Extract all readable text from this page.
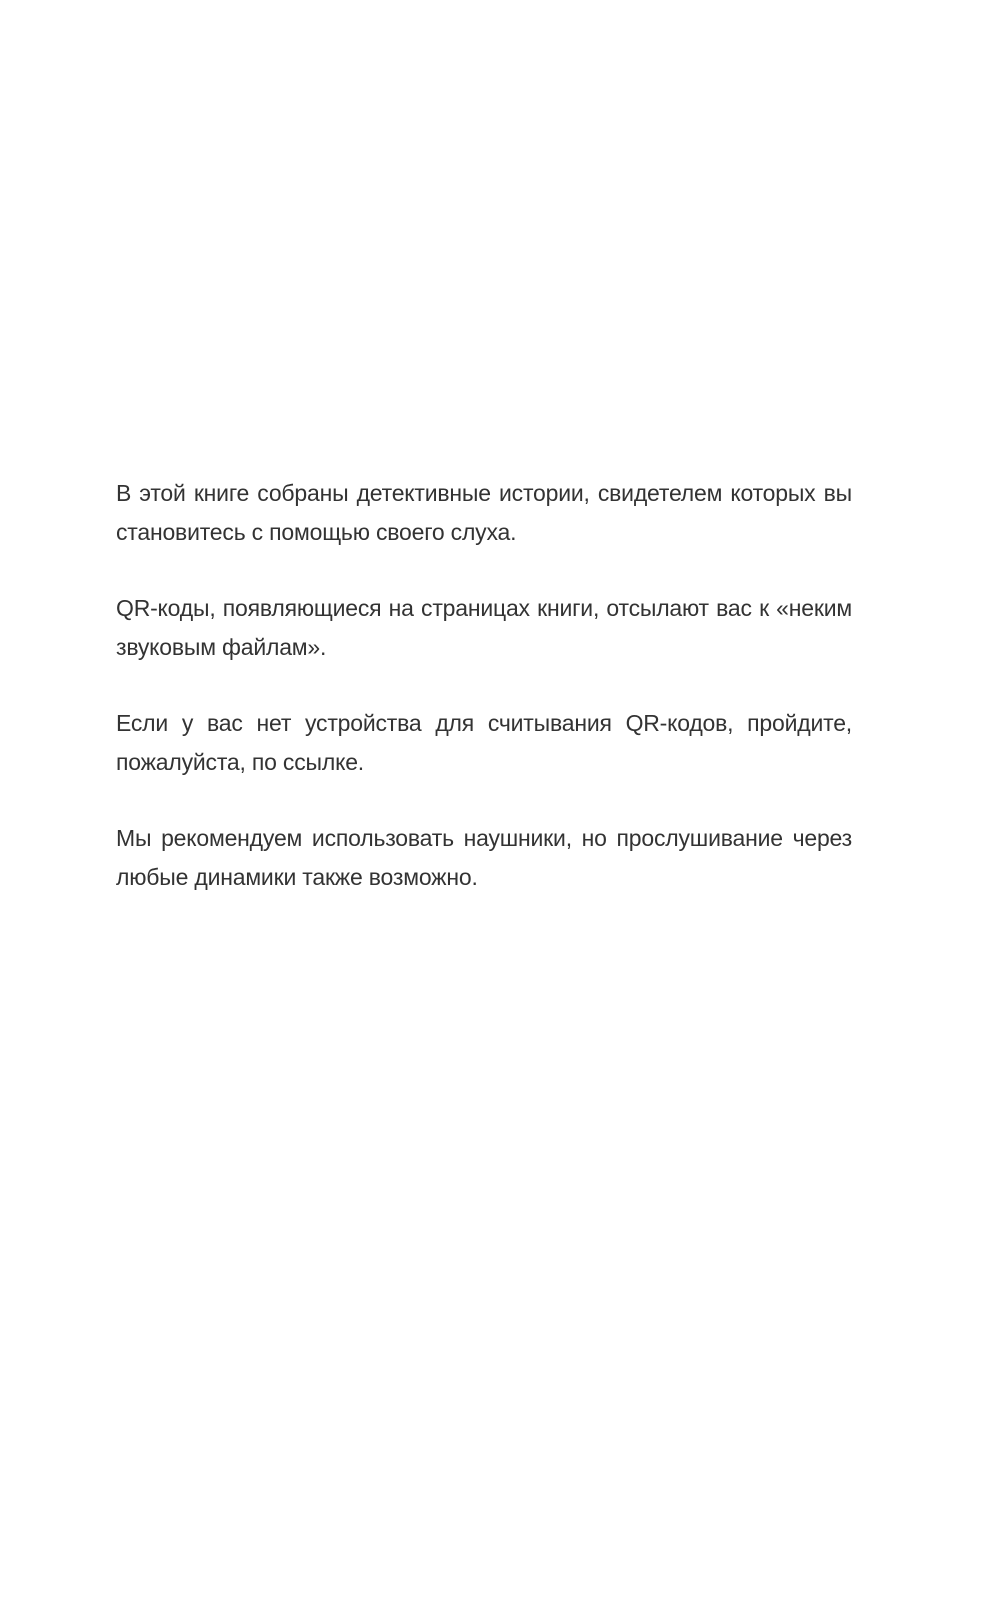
В этой книге собраны детективные истории, свидетелем которых вы становитесь с помощью своего слуха.

QR-коды, появляющиеся на страницах книги, отсылают вас к «неким звуковым файлам».

Если у вас нет устройства для считывания QR-кодов, пройдите, пожалуйста, по ссылке.

Мы рекомендуем использовать наушники, но прослушивание через любые динамики также возможно.
